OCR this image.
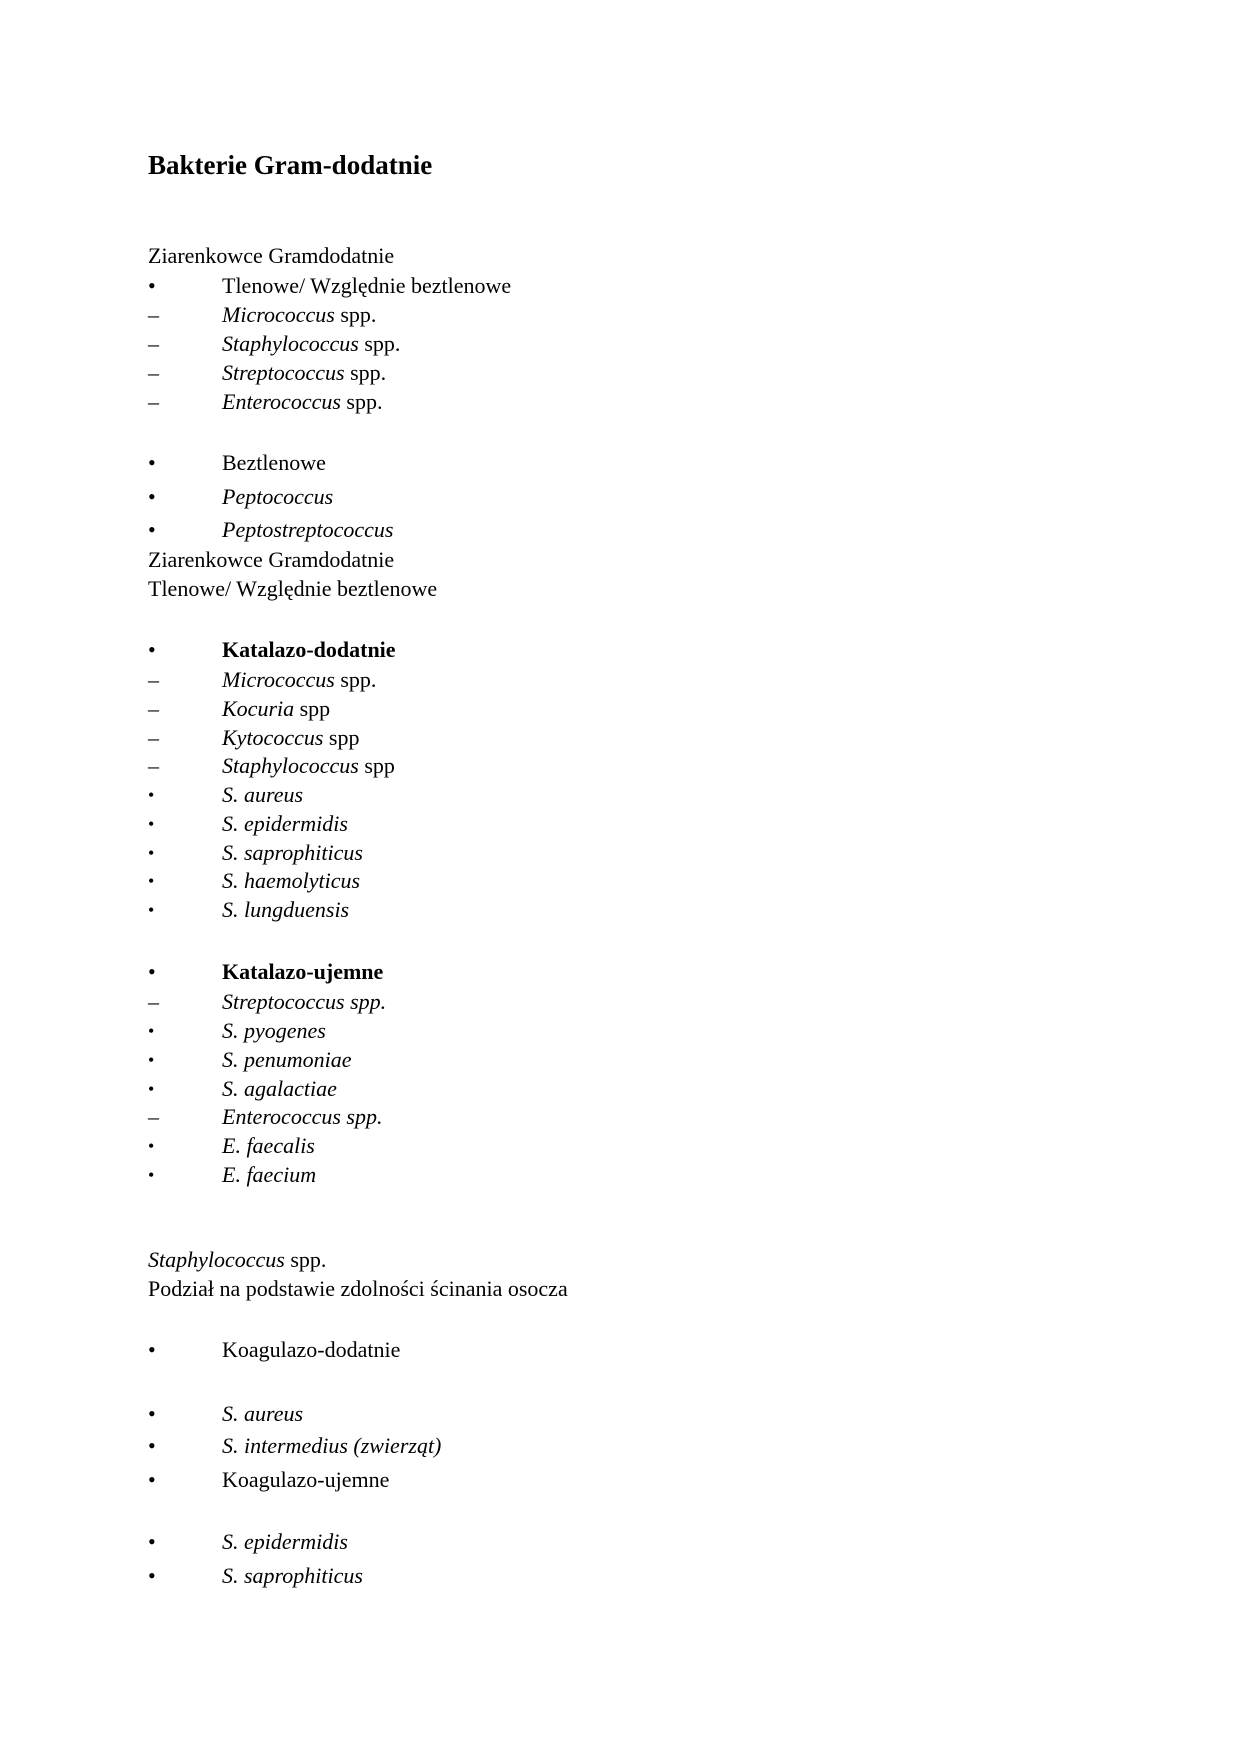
Bakterie Gram-dodatnie
Ziarenkowce Gramdodatnie
•	Tlenowe/ Względnie beztlenowe
–	Micrococcus spp.
–	Staphylococcus spp.
–	Streptococcus spp.
–	Enterococcus spp.
•	Beztlenowe
•	Peptococcus
•	Peptostreptococcus
Ziarenkowce Gramdodatnie
Tlenowe/ Względnie beztlenowe
•	Katalazo-dodatnie
–	Micrococcus spp.
–	Kocuria spp
–	Kytococcus spp
–	Staphylococcus spp
•	S. aureus
•	S. epidermidis
•	S. saprophiticus
•	S. haemolyticus
•	S. lungduensis
•	Katalazo-ujemne
–	Streptococcus spp.
•	S. pyogenes
•	S. penumoniae
•	S. agalactiae
–	Enterococcus spp.
•	E. faecalis
•	E. faecium
Staphylococcus spp.
Podział na podstawie zdolności ścinania osocza
•	Koagulazo-dodatnie
•	S. aureus
•	S. intermedius (zwierząt)
•	Koagulazo-ujemne
•	S. epidermidis
•	S. saprophiticus
